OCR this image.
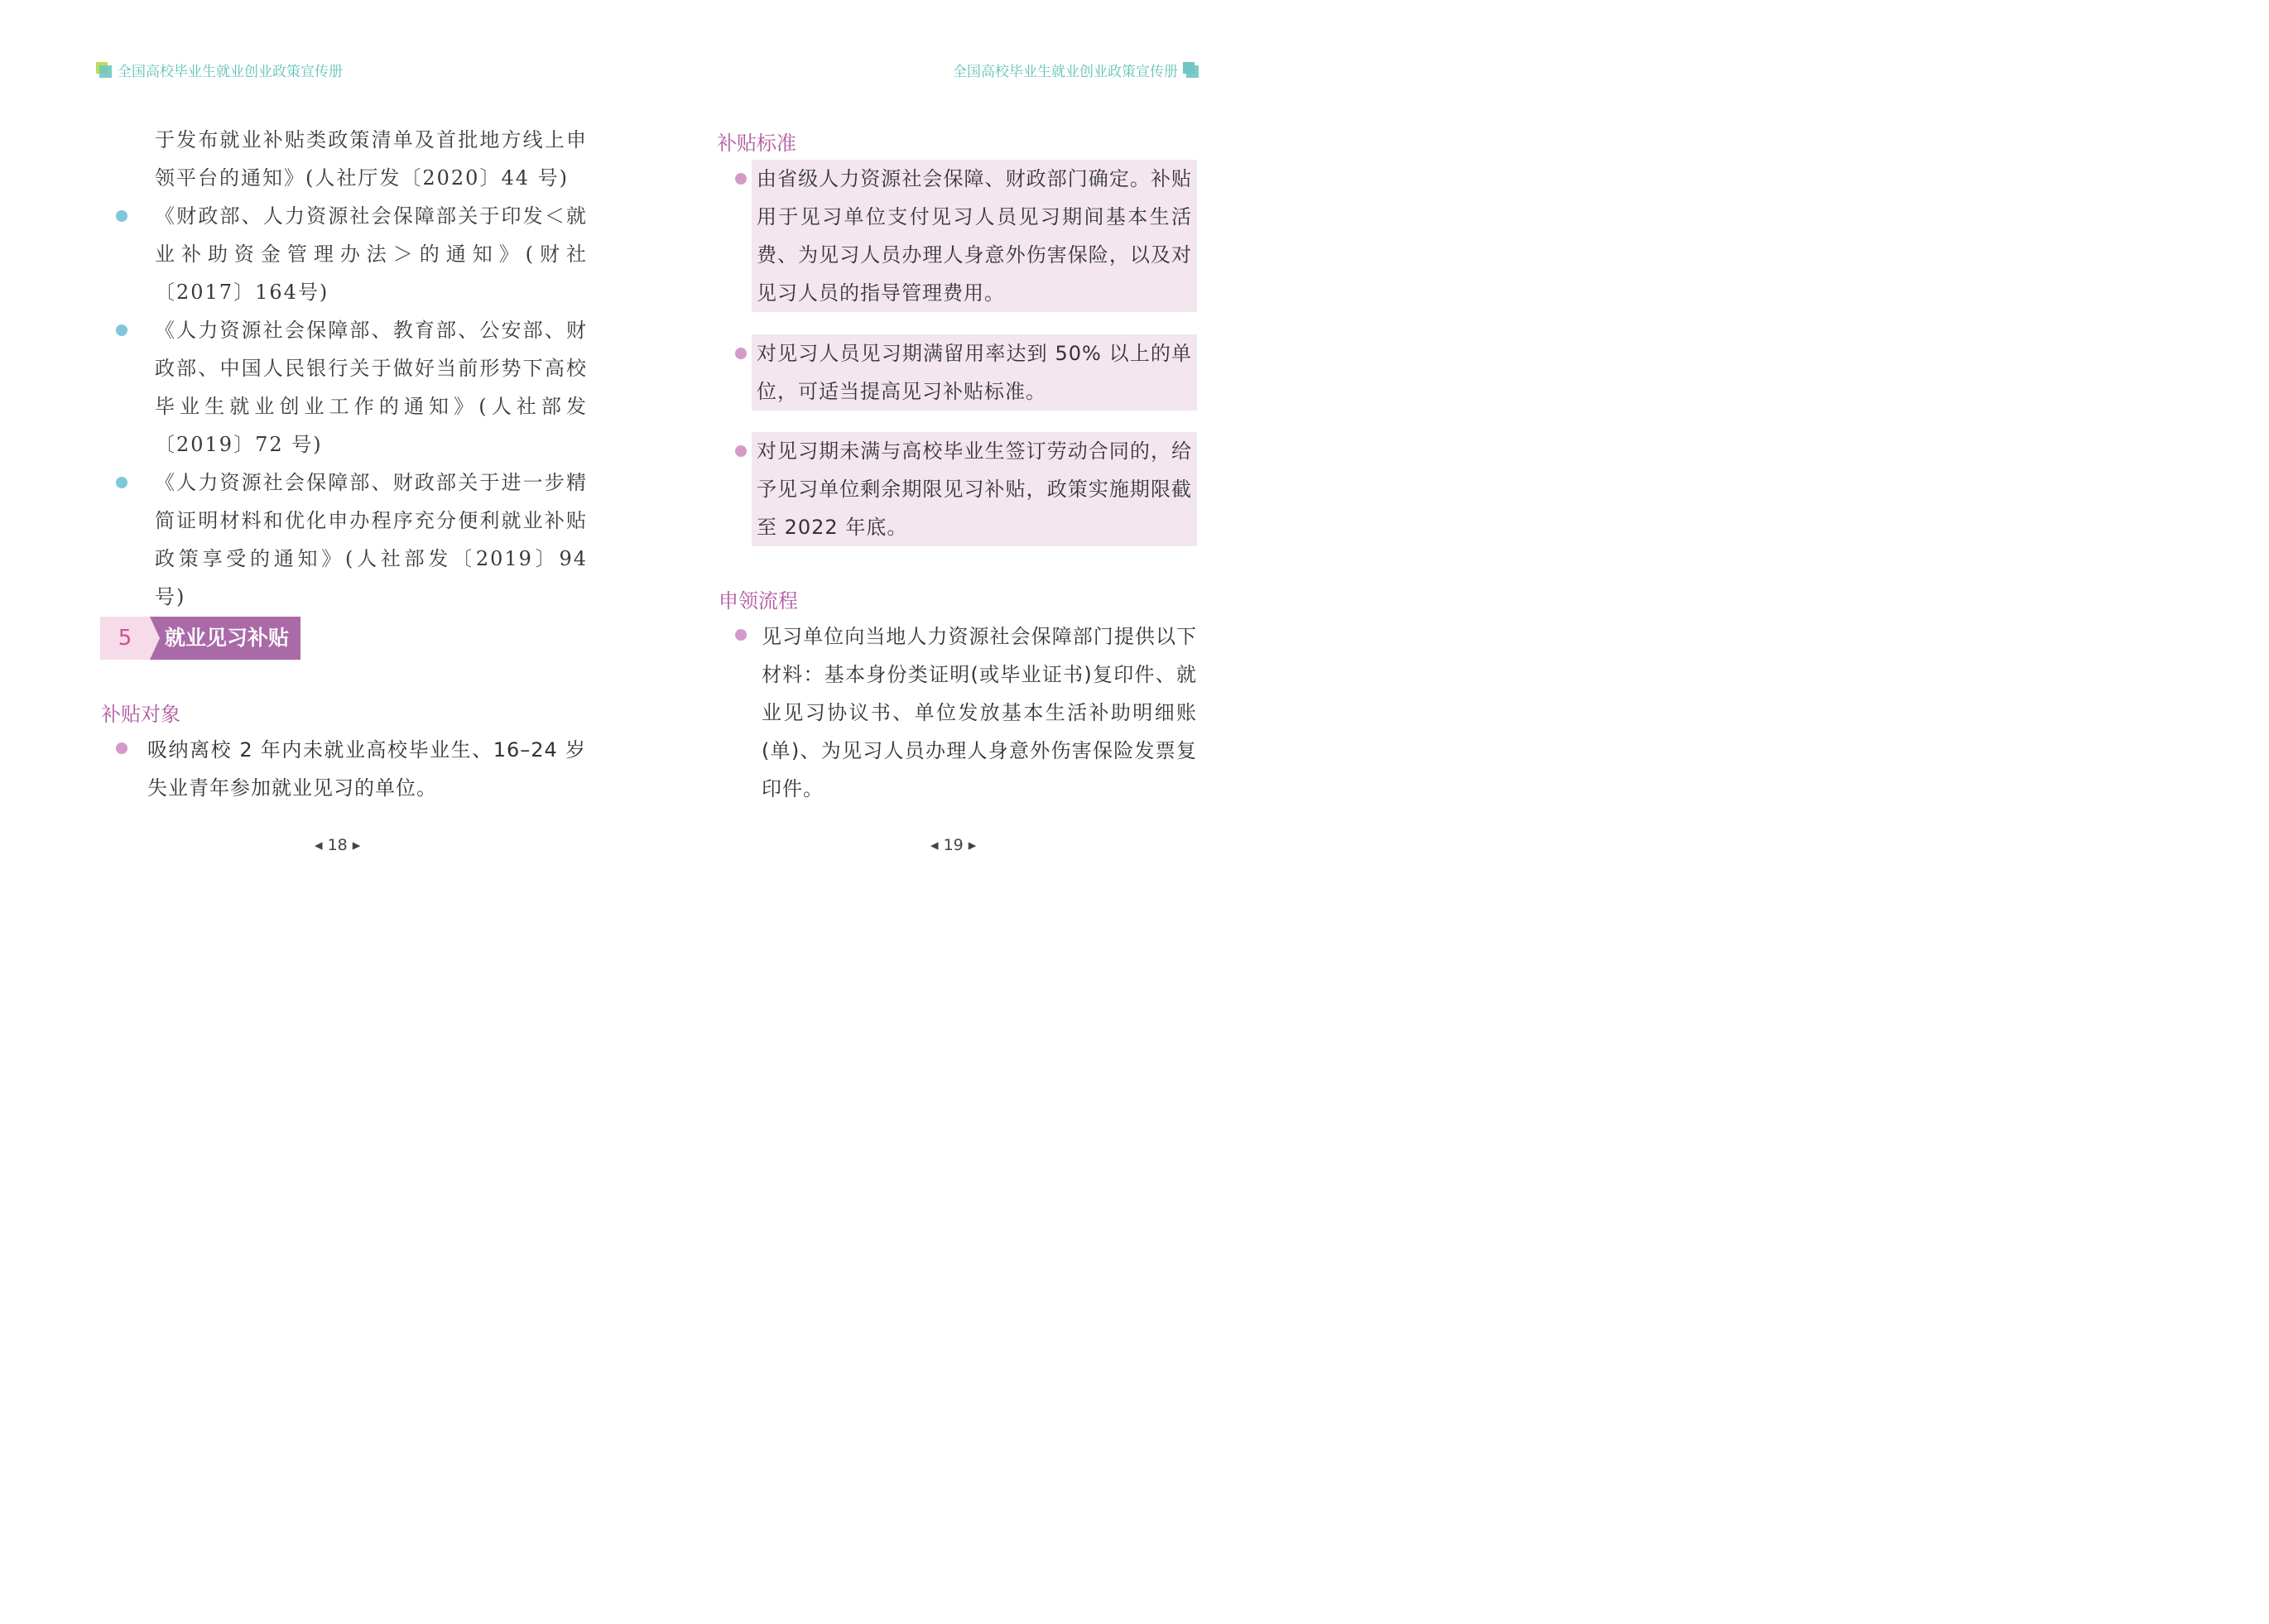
全国高校毕业生就业创业政策宣传册
于发布就业补贴类政策清单及首批地方线上申领平台的通知》(人社厅发〔2020〕44 号)
《财政部、人力资源社会保障部关于印发＜就业补助资金管理办法＞的通知》(财社〔2017〕164号)
《人力资源社会保障部、教育部、公安部、财政部、中国人民银行关于做好当前形势下高校毕业生就业创业工作的通知》(人社部发〔2019〕72 号)
《人力资源社会保障部、财政部关于进一步精简证明材料和优化申办程序充分便利就业补贴政策享受的通知》(人社部发〔2019〕94 号)
5	就业见习补贴
补贴对象
吸纳离校 2 年内未就业高校毕业生、16–24 岁失业青年参加就业见习的单位。
◂ 18 ▸
全国高校毕业生就业创业政策宣传册
补贴标准
由省级人力资源社会保障、财政部门确定。补贴用于见习单位支付见习人员见习期间基本生活费、为见习人员办理人身意外伤害保险，以及对见习人员的指导管理费用。
对见习人员见习期满留用率达到 50% 以上的单位，可适当提高见习补贴标准。
对见习期未满与高校毕业生签订劳动合同的，给予见习单位剩余期限见习补贴，政策实施期限截至 2022 年底。
申领流程
见习单位向当地人力资源社会保障部门提供以下材料：基本身份类证明(或毕业证书)复印件、就业见习协议书、单位发放基本生活补助明细账(单)、为见习人员办理人身意外伤害保险发票复印件。
◂ 19 ▸
